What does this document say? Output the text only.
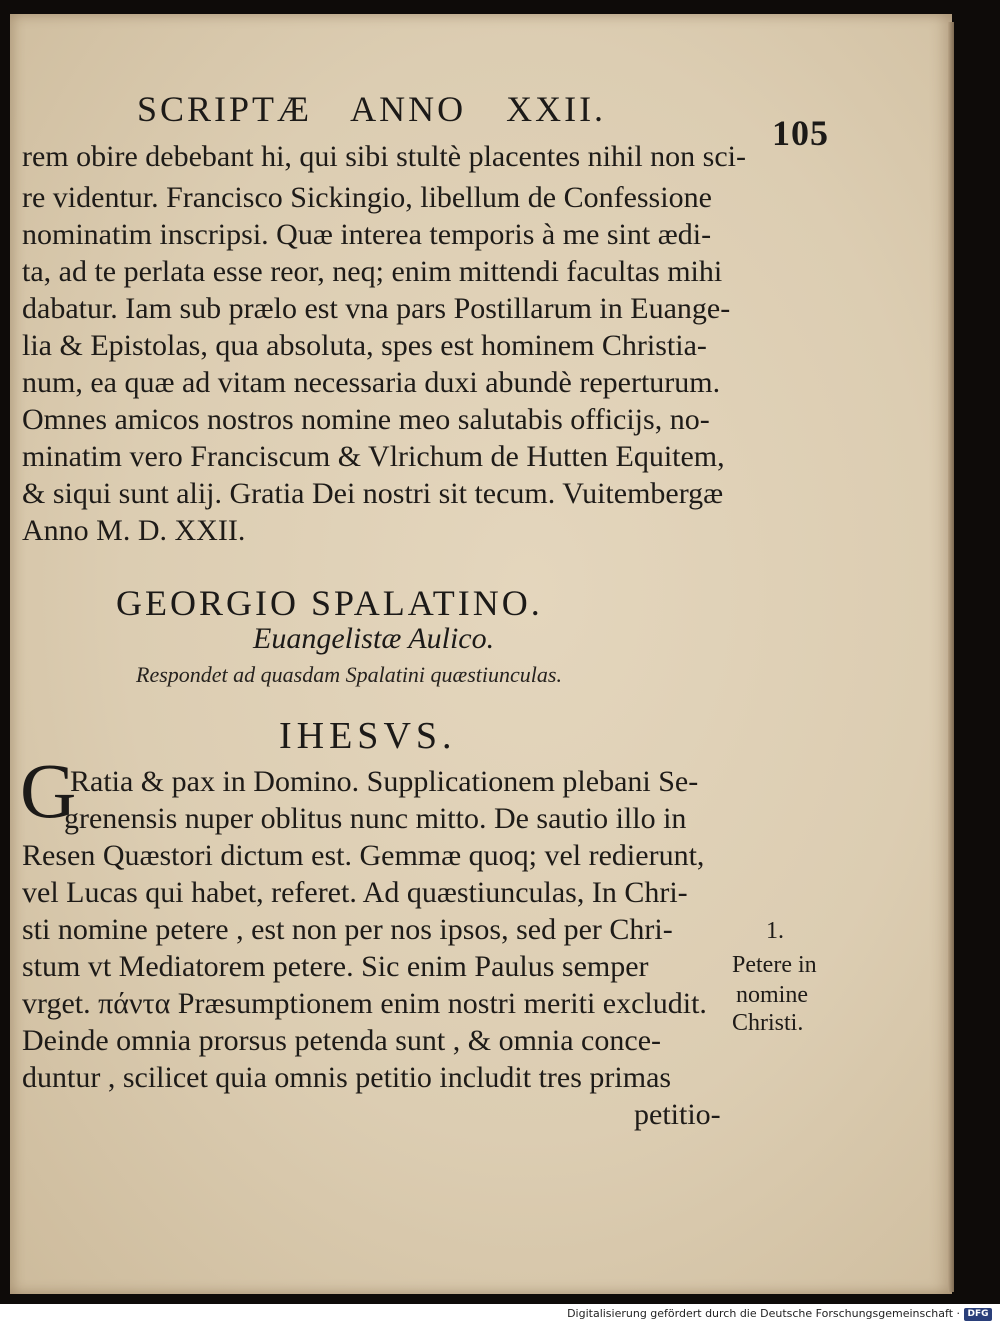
SCRIPTÆ ANNO XXII.
105
rem obire debebant hi, qui sibi stultè placentes nihil non sci-
re videntur. Francisco Sickingio, libellum de Confessione
nominatim inscripsi. Quæ interea temporis à me sint ædi-
ta, ad te perlata esse reor, neq; enim mittendi facultas mihi
dabatur. Iam sub prælo est vna pars Postillarum in Euange-
lia & Epistolas, qua absoluta, spes est hominem Christia-
num, ea quæ ad vitam necessaria duxi abundè reperturum.
Omnes amicos nostros nomine meo salutabis officijs, no-
minatim vero Franciscum & Vlrichum de Hutten Equitem,
& siqui sunt alij. Gratia Dei nostri sit tecum. Vuitembergæ
Anno M. D. XXII.
GEORGIO SPALATINO.
Euangelistæ Aulico.
Respondet ad quasdam Spalatini quæstiunculas.
IHESVS.
G
Ratia & pax in Domino. Supplicationem plebani Se-
grenensis nuper oblitus nunc mitto. De sautio illo in
Resen Quæstori dictum est. Gemmæ quoq; vel redierunt,
vel Lucas qui habet, referet. Ad quæstiunculas, In Chri-
sti nomine petere , est non per nos ipsos, sed per Chri-
stum vt Mediatorem petere. Sic enim Paulus semper
vrget. πάντα Præsumptionem enim nostri meriti excludit.
Deinde omnia prorsus petenda sunt , & omnia conce-
duntur , scilicet quia omnis petitio includit tres primas
petitio-
1.
Petere in
nomine
Christi.
Digitalisierung gefördert durch die Deutsche Forschungsgemeinschaft · DFG
